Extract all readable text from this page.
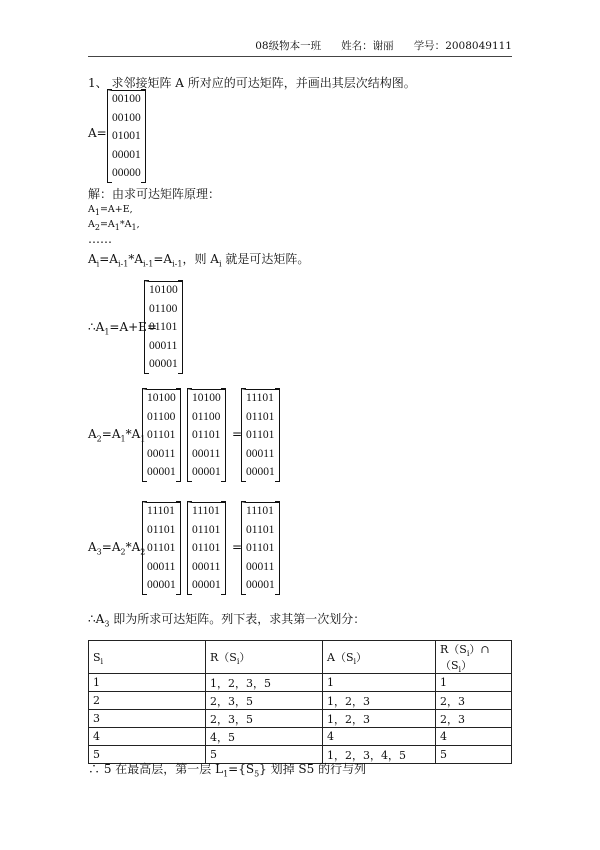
08级物本一班 姓名：谢丽 学号：2008049111
1、 求邻接矩阵 A 所对应的可达矩阵，并画出其层次结构图。
A=
00100
00100
01001
00001
00000
解：由求可达矩阵原理：
$A_1=A+E$,
$A_2=A_1*A_1$,
……
$A_i=A_{i-1}*A_{i-1}=A_{i-1}$，则 $A_i$ 就是可达矩阵。
$\therefore A_1=A+E=$
10100
01100
01101
00011
00001
$A_2=A_1*A_1$
10100
01100
01101
00011
00001
10100
01100
01101
00011
00001
=
11101
01101
01101
00011
00001
$A_3=A_2*A_2$
11101
01101
01101
00011
00001
11101
01101
01101
00011
00001
=
11101
01101
01101
00011
00001
$\therefore A_3$ 即为所求可达矩阵。列下表，求其第一次划分：
$S_i$	$R(S_i)$	$A(S_i)$	$R(S_i)\cap(S_i)$
1	1，2，3，5	1	1
2	2，3，5	1，2，3	2，3
3	2，3，5	1，2，3	2，3
4	4，5	4	4
5	5	1，2，3，4，5	5
∴ 5 在最高层，第一层 $L_1=\{S_5\}$ 划掉 S5 的行与列
